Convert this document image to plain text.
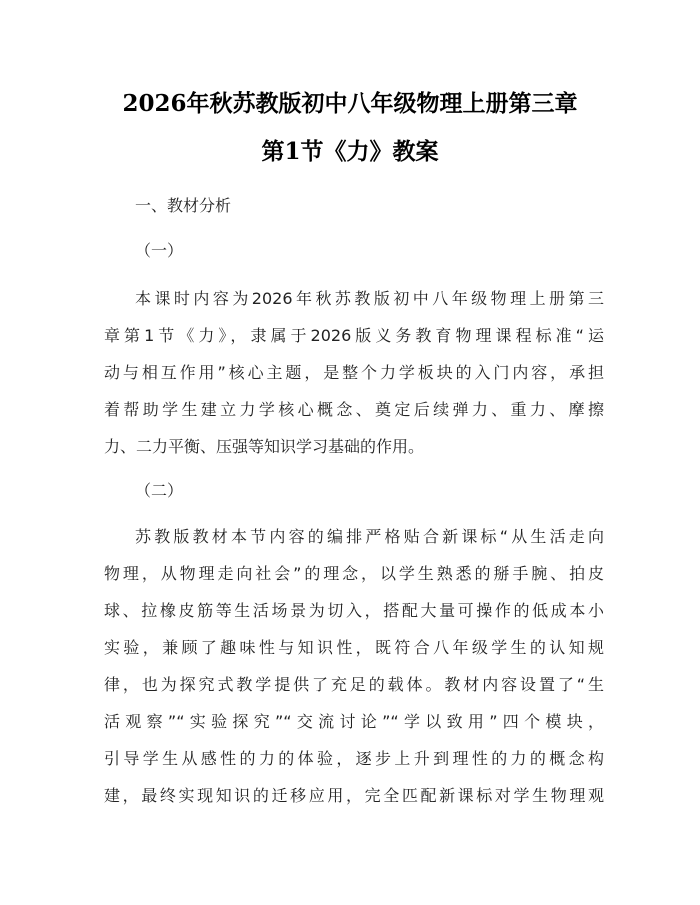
2026年秋苏教版初中八年级物理上册第三章
第1节《力》教案
一、教材分析
（一）
本课时内容为2026年秋苏教版初中八年级物理上册第三
章第1节《力》，隶属于2026版义务教育物理课程标准“运
动与相互作用”核心主题，是整个力学板块的入门内容，承担
着帮助学生建立力学核心概念、奠定后续弹力、重力、摩擦
力、二力平衡、压强等知识学习基础的作用。
（二）
苏教版教材本节内容的编排严格贴合新课标“从生活走向
物理，从物理走向社会”的理念，以学生熟悉的掰手腕、拍皮
球、拉橡皮筋等生活场景为切入，搭配大量可操作的低成本小
实验，兼顾了趣味性与知识性，既符合八年级学生的认知规
律，也为探究式教学提供了充足的载体。教材内容设置了“生
活观察”“实验探究”“交流讨论”“学以致用”四个模块，
引导学生从感性的力的体验，逐步上升到理性的力的概念构
建，最终实现知识的迁移应用，完全匹配新课标对学生物理观
